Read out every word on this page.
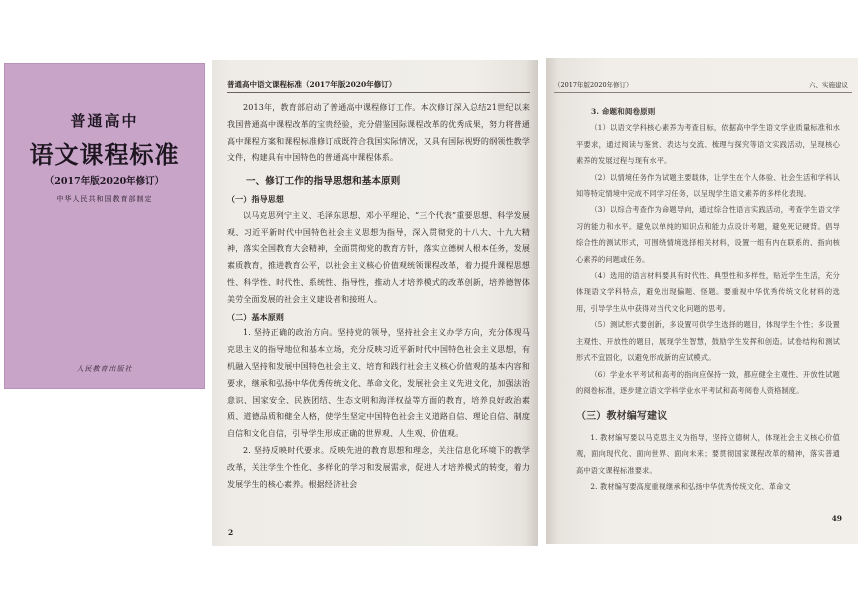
普通高中
语文课程标准
（2017年版2020年修订）
中华人民共和国教育部制定
人民教育出版社
普通高中语文课程标准（2017年版2020年修订）

2013年，教育部启动了普通高中课程修订工作。本次修订深入总结21世纪以来我国普通高中课程改革的宝贵经验，充分借鉴国际课程改革的优秀成果，努力将普通高中课程方案和课程标准修订成既符合我国实际情况，又具有国际视野的纲领性教学文件，构建具有中国特色的普通高中课程体系。

一、修订工作的指导思想和基本原则

（一）指导思想

以马克思列宁主义、毛泽东思想、邓小平理论、“三个代表”重要思想、科学发展观、习近平新时代中国特色社会主义思想为指导，深入贯彻党的十八大、十九大精神，落实全国教育大会精神，全面贯彻党的教育方针，落实立德树人根本任务，发展素质教育，推进教育公平，以社会主义核心价值观统领课程改革，着力提升课程思想性、科学性、时代性、系统性、指导性，推动人才培养模式的改革创新，培养德智体美劳全面发展的社会主义建设者和接班人。

（二）基本原则

1. 坚持正确的政治方向。坚持党的领导，坚持社会主义办学方向，充分体现马克思主义的指导地位和基本立场，充分反映习近平新时代中国特色社会主义思想，有机融入坚持和发展中国特色社会主义、培育和践行社会主义核心价值观的基本内容和要求，继承和弘扬中华优秀传统文化、革命文化，发展社会主义先进文化，加强法治意识、国家安全、民族团结、生态文明和海洋权益等方面的教育，培养良好政治素质、道德品质和健全人格，使学生坚定中国特色社会主义道路自信、理论自信、制度自信和文化自信，引导学生形成正确的世界观、人生观、价值观。

2. 坚持反映时代要求。反映先进的教育思想和理念，关注信息化环境下的教学改革，关注学生个性化、多样化的学习和发展需求，促进人才培养模式的转变，着力发展学生的核心素养。根据经济社会

2
（2017年版2020年修订）	六、实施建议

3. 命题和阅卷原则

（1）以语文学科核心素养为考查目标，依据高中学生语文学业质量标准和水平要求，通过阅读与鉴赏、表达与交流、梳理与探究等语文实践活动，呈现核心素养的发展过程与现有水平。

（2）以情境任务作为试题主要载体，让学生在个人体验、社会生活和学科认知等特定情境中完成不同学习任务，以呈现学生语文素养的多样化表现。

（3）以综合考查作为命题导向，通过综合性语言实践活动，考查学生语文学习的能力和水平。避免以单纯的知识点和能力点设计考题，避免死记硬背。倡导综合性的测试形式，可围绕情境选择相关材料，设置一组有内在联系的、指向核心素养的问题或任务。

（4）选用的语言材料要具有时代性、典型性和多样性，贴近学生生活，充分体现语文学科特点，避免出现偏题、怪题。要重视中华优秀传统文化材料的选用，引导学生从中获得对当代文化问题的思考。

（5）测试形式要创新，多设置可供学生选择的题目，体现学生个性；多设置主观性、开放性的题目，展现学生智慧，鼓励学生发挥和创造。试卷结构和测试形式不宜固化，以避免形成新的应试模式。

（6）学业水平考试和高考的指向应保持一致，都应健全主观性、开放性试题的阅卷标准，逐步建立语文学科学业水平考试和高考阅卷人资格制度。

（三）教材编写建议

1. 教材编写要以马克思主义为指导，坚持立德树人，体现社会主义核心价值观，面向现代化、面向世界、面向未来；要贯彻国家课程改革的精神，落实普通高中语文课程标准要求。

2. 教材编写要高度重视继承和弘扬中华优秀传统文化、革命文

49
